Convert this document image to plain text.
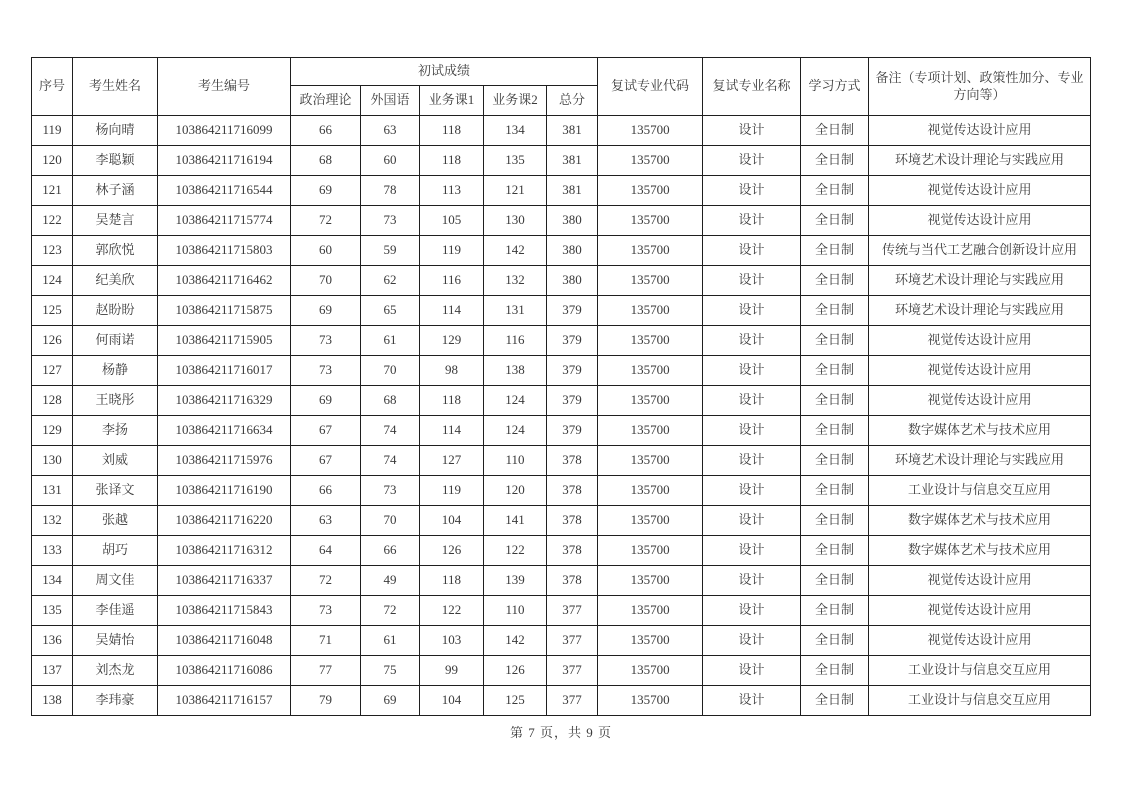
序号	考生姓名	考生编号	初试成绩					复试专业代码	复试专业名称	学习方式	备注（专项计划、政策性加分、专业方向等）
			政治理论	外国语	业务课1	业务课2	总分				
119	杨向晴	103864211716099	66	63	118	134	381	135700	设计	全日制	视觉传达设计应用
120	李聪颖	103864211716194	68	60	118	135	381	135700	设计	全日制	环境艺术设计理论与实践应用
121	林子涵	103864211716544	69	78	113	121	381	135700	设计	全日制	视觉传达设计应用
122	吴楚言	103864211715774	72	73	105	130	380	135700	设计	全日制	视觉传达设计应用
123	郭欣悦	103864211715803	60	59	119	142	380	135700	设计	全日制	传统与当代工艺融合创新设计应用
124	纪美欣	103864211716462	70	62	116	132	380	135700	设计	全日制	环境艺术设计理论与实践应用
125	赵盼盼	103864211715875	69	65	114	131	379	135700	设计	全日制	环境艺术设计理论与实践应用
126	何雨诺	103864211715905	73	61	129	116	379	135700	设计	全日制	视觉传达设计应用
127	杨静	103864211716017	73	70	98	138	379	135700	设计	全日制	视觉传达设计应用
128	王晓彤	103864211716329	69	68	118	124	379	135700	设计	全日制	视觉传达设计应用
129	李扬	103864211716634	67	74	114	124	379	135700	设计	全日制	数字媒体艺术与技术应用
130	刘威	103864211715976	67	74	127	110	378	135700	设计	全日制	环境艺术设计理论与实践应用
131	张译文	103864211716190	66	73	119	120	378	135700	设计	全日制	工业设计与信息交互应用
132	张越	103864211716220	63	70	104	141	378	135700	设计	全日制	数字媒体艺术与技术应用
133	胡巧	103864211716312	64	66	126	122	378	135700	设计	全日制	数字媒体艺术与技术应用
134	周文佳	103864211716337	72	49	118	139	378	135700	设计	全日制	视觉传达设计应用
135	李佳遥	103864211715843	73	72	122	110	377	135700	设计	全日制	视觉传达设计应用
136	吴婧怡	103864211716048	71	61	103	142	377	135700	设计	全日制	视觉传达设计应用
137	刘杰龙	103864211716086	77	75	99	126	377	135700	设计	全日制	工业设计与信息交互应用
138	李玮豪	103864211716157	79	69	104	125	377	135700	设计	全日制	工业设计与信息交互应用
第 7 页，共 9 页
